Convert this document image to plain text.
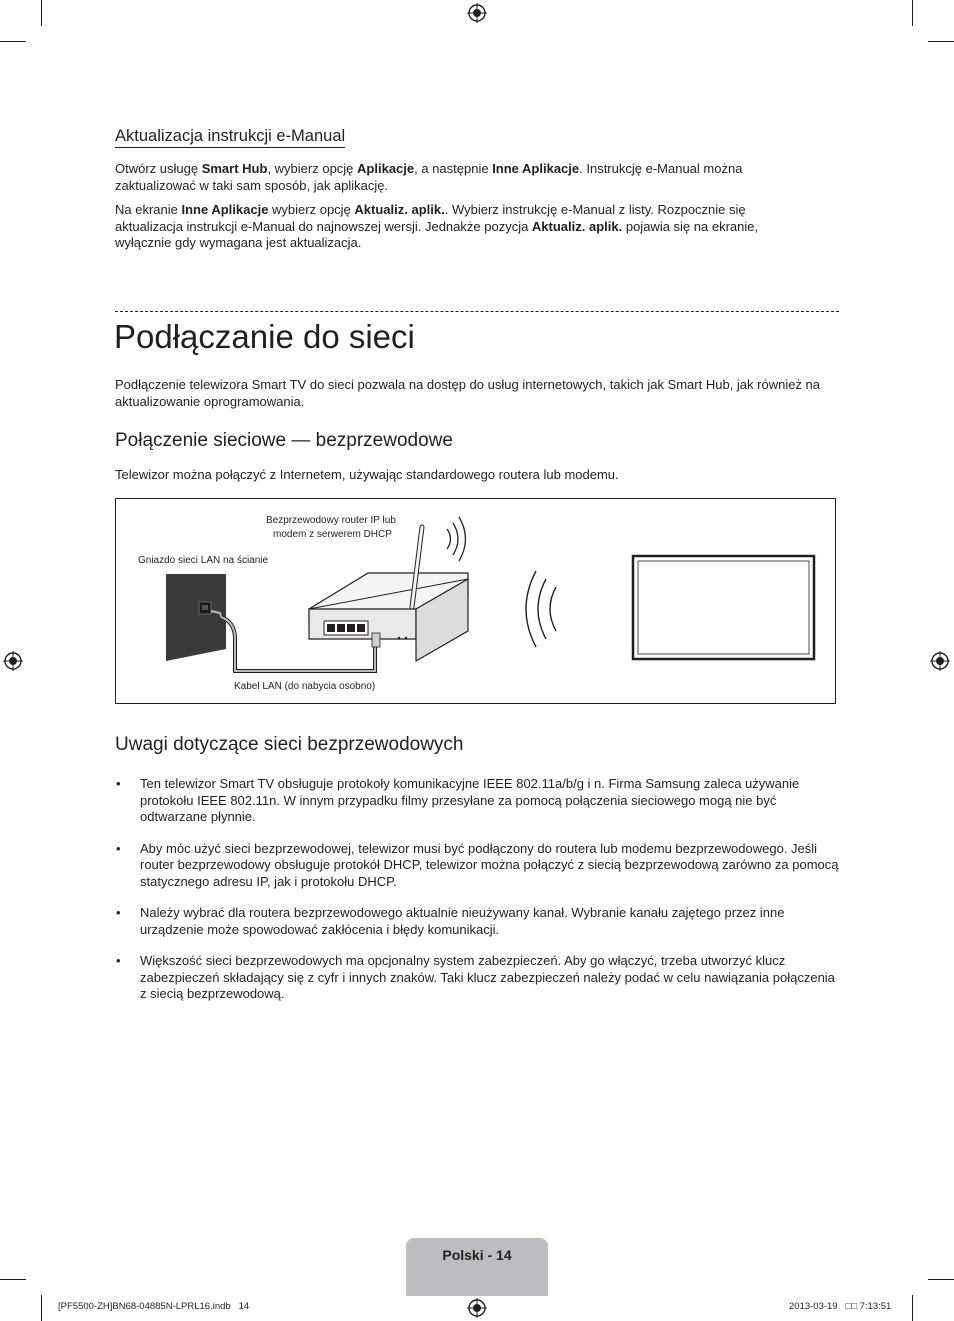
Aktualizacja instrukcji e-Manual

Otwórz usługę Smart Hub, wybierz opcję Aplikacje, a następnie Inne Aplikacje. Instrukcję e-Manual można zaktualizować w taki sam sposób, jak aplikację.

Na ekranie Inne Aplikacje wybierz opcję Aktualiz. aplik.. Wybierz instrukcję e-Manual z listy. Rozpocznie się aktualizacja instrukcji e-Manual do najnowszej wersji. Jednakże pozycja Aktualiz. aplik. pojawia się na ekranie, wyłącznie gdy wymagana jest aktualizacja.

Podłączanie do sieci

Podłączenie telewizora Smart TV do sieci pozwala na dostęp do usług internetowych, takich jak Smart Hub, jak również na aktualizowanie oprogramowania.

Połączenie sieciowe — bezprzewodowe

Telewizor można połączyć z Internetem, używając standardowego routera lub modemu.

Bezprzewodowy router IP lub
modem z serwerem DHCP
Gniazdo sieci LAN na ścianie
Kabel LAN (do nabycia osobno)
Uwagi dotyczące sieci bezprzewodowych
• Ten telewizor Smart TV obsługuje protokoły komunikacyjne IEEE 802.11a/b/g i n. Firma Samsung zaleca używanie protokołu IEEE 802.11n. W innym przypadku filmy przesyłane za pomocą połączenia sieciowego mogą nie być odtwarzane płynnie.
• Aby móc użyć sieci bezprzewodowej, telewizor musi być podłączony do routera lub modemu bezprzewodowego. Jeśli router bezprzewodowy obsługuje protokół DHCP, telewizor można połączyć z siecią bezprzewodową zarówno za pomocą statycznego adresu IP, jak i protokołu DHCP.
• Należy wybrać dla routera bezprzewodowego aktualnie nieużywany kanał. Wybranie kanału zajętego przez inne urządzenie może spowodować zakłócenia i błędy komunikacji.
• Większość sieci bezprzewodowych ma opcjonalny system zabezpieczeń. Aby go włączyć, trzeba utworzyć klucz zabezpieczeń składający się z cyfr i innych znaków. Taki klucz zabezpieczeń należy podać w celu nawiązania połączenia z siecią bezprzewodową.
Polski - 14
[PF5500-ZH]BN68-04885N-LPRL16.indb   14	2013-03-19   □□ 7:13:51
